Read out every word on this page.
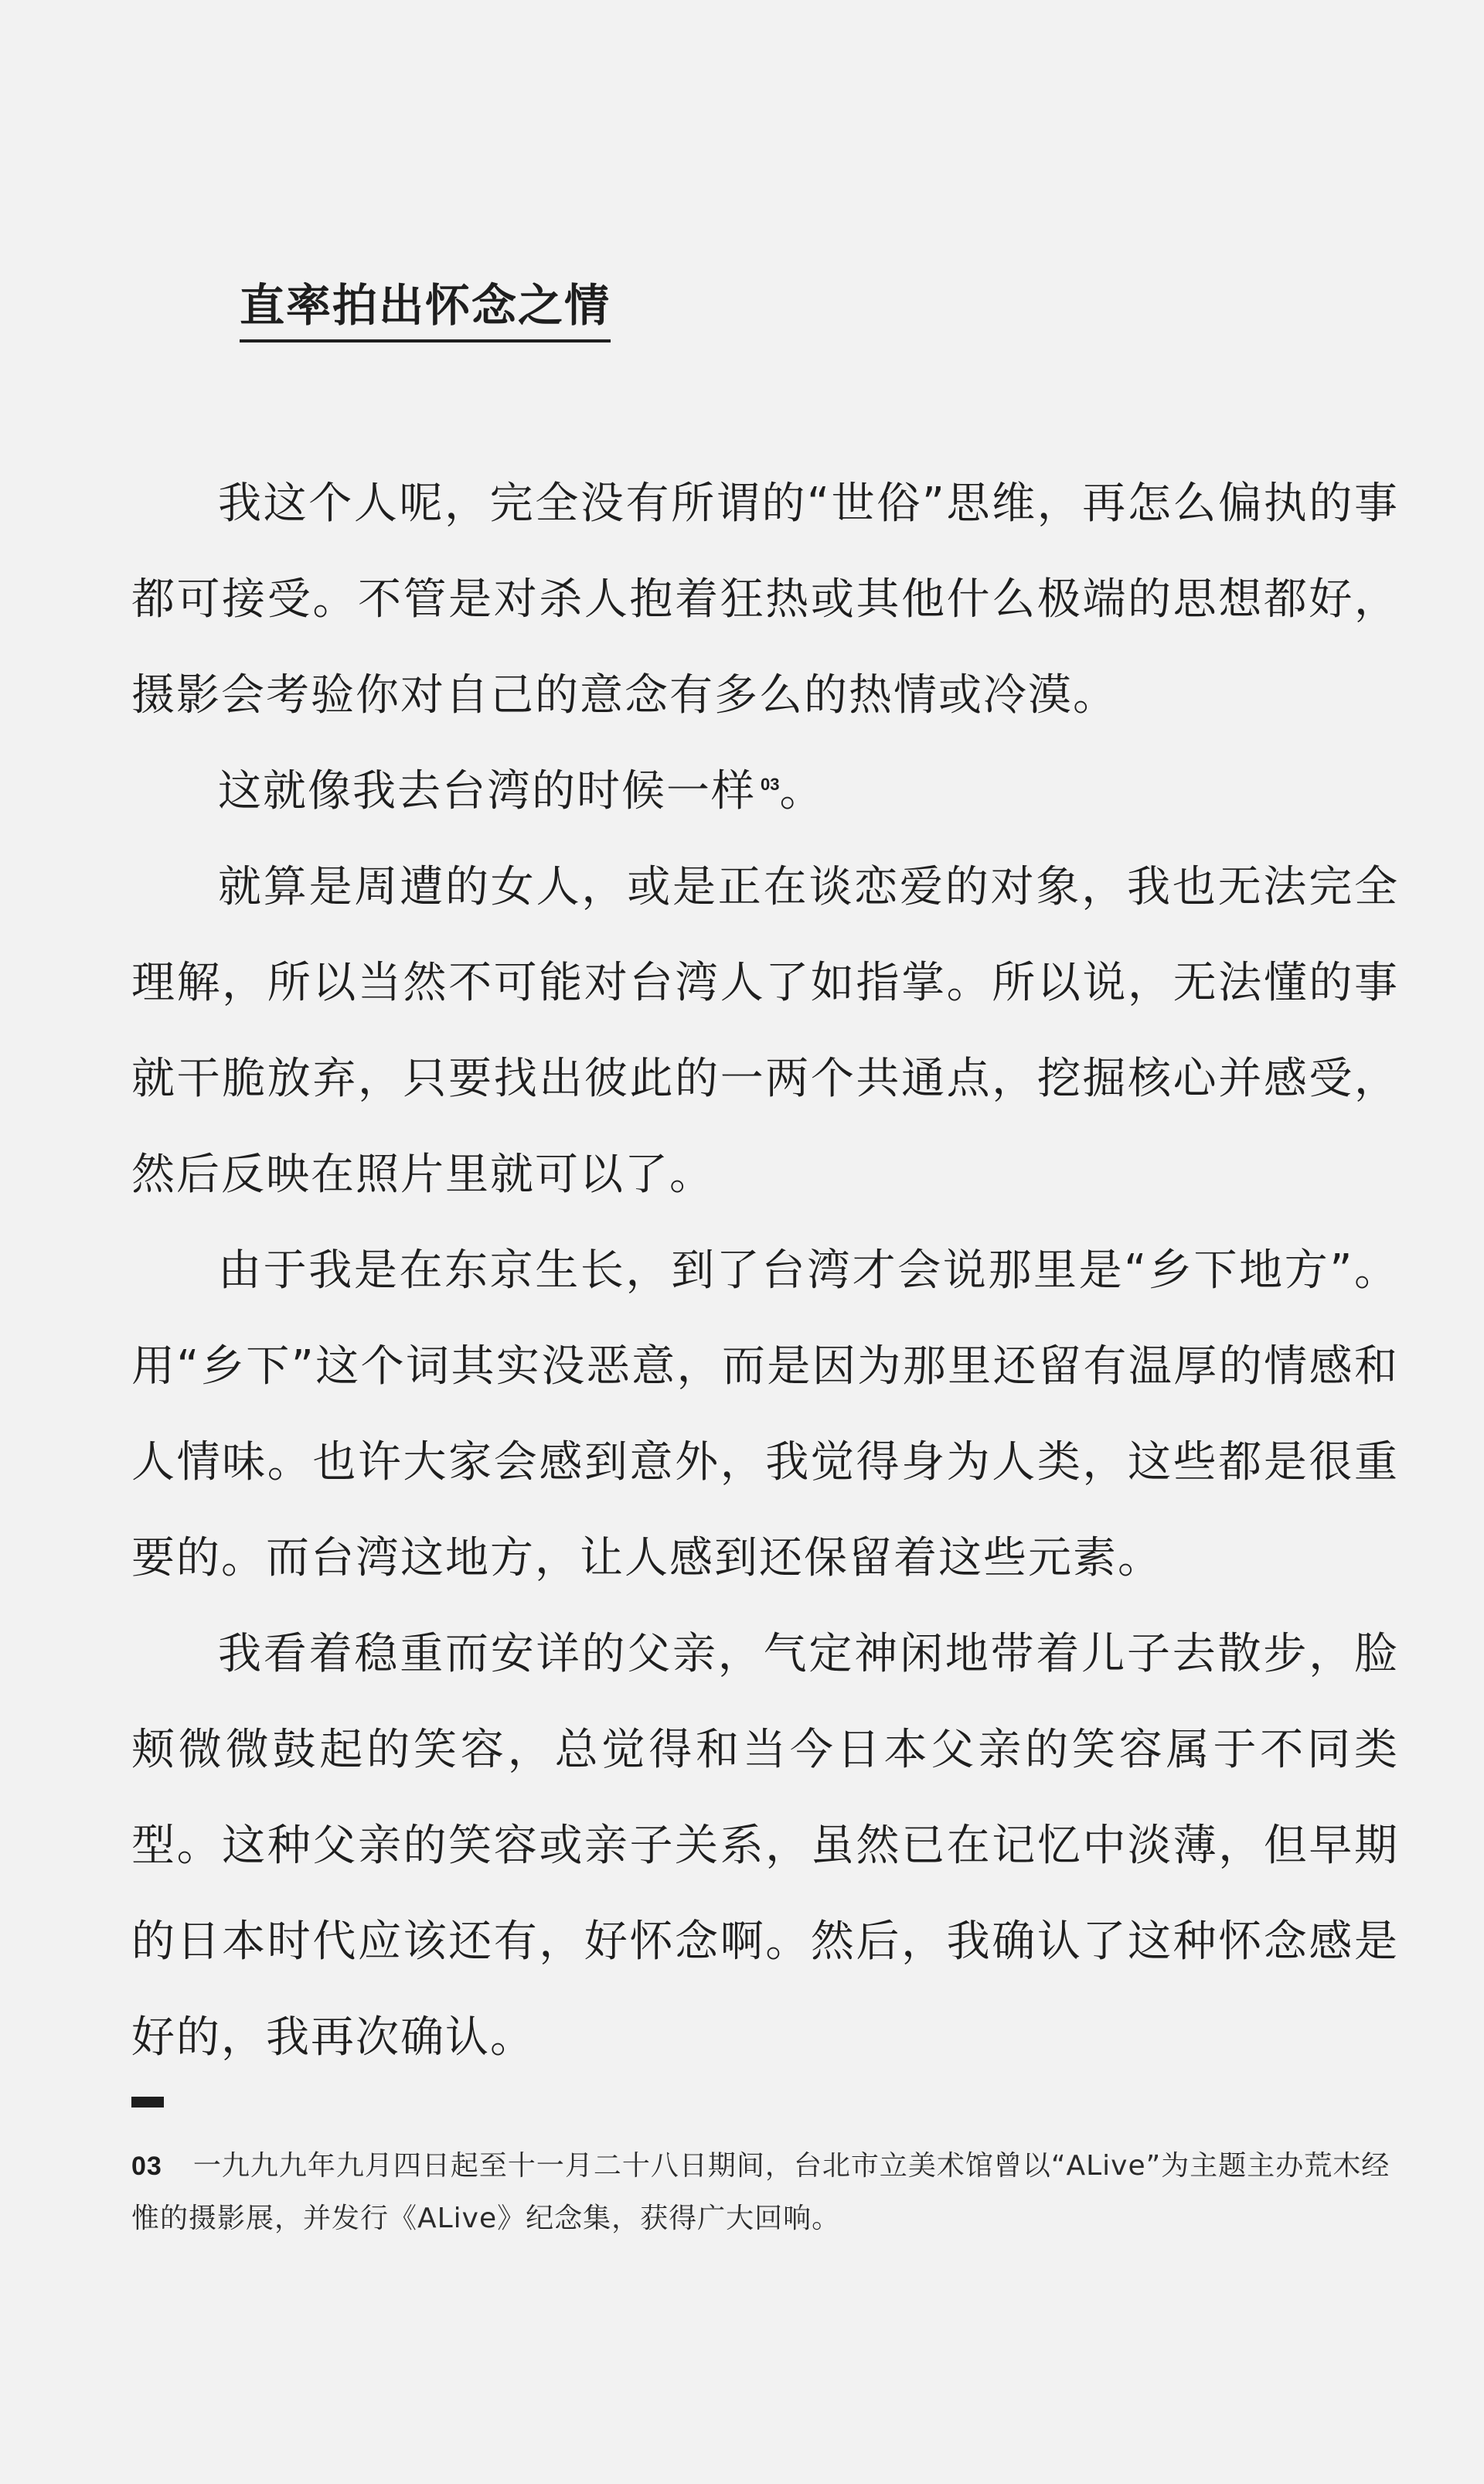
直率拍出怀念之情

我这个人呢，完全没有所谓的“世俗”思维，再怎么偏执的事都可接受。不管是对杀人抱着狂热或其他什么极端的思想都好，摄影会考验你对自己的意念有多么的热情或冷漠。

这就像我去台湾的时候一样 $^{03}$。

就算是周遭的女人，或是正在谈恋爱的对象，我也无法完全理解，所以当然不可能对台湾人了如指掌。所以说，无法懂的事就干脆放弃，只要找出彼此的一两个共通点，挖掘核心并感受，然后反映在照片里就可以了。

由于我是在东京生长，到了台湾才会说那里是“乡下地方”。用“乡下”这个词其实没恶意，而是因为那里还留有温厚的情感和人情味。也许大家会感到意外，我觉得身为人类，这些都是很重要的。而台湾这地方，让人感到还保留着这些元素。

我看着稳重而安详的父亲，气定神闲地带着儿子去散步，脸颊微微鼓起的笑容，总觉得和当今日本父亲的笑容属于不同类型。这种父亲的笑容或亲子关系，虽然已在记忆中淡薄，但早期的日本时代应该还有，好怀念啊。然后，我确认了这种怀念感是好的，我再次确认。

03 一九九九年九月四日起至十一月二十八日期间，台北市立美术馆曾以“ALive”为主题主办荒木经惟的摄影展，并发行《ALive》纪念集，获得广大回响。
